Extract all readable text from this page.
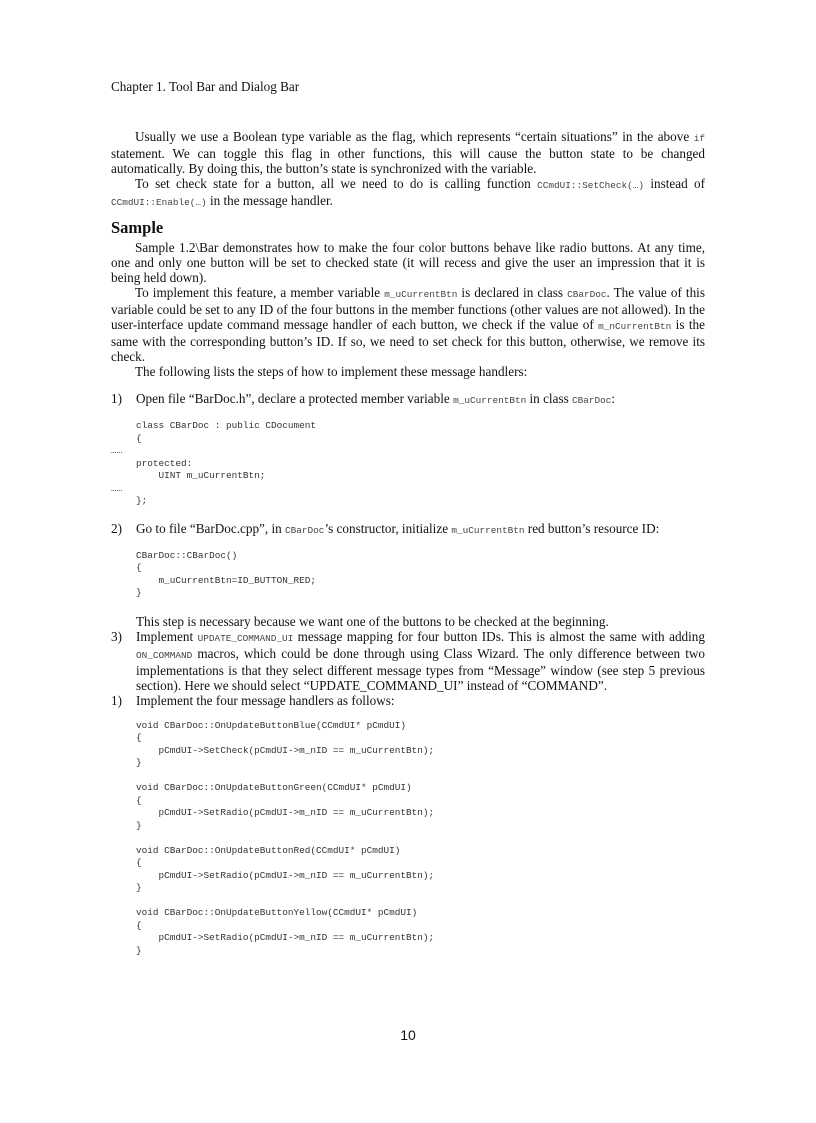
Chapter 1. Tool Bar and Dialog Bar

Usually we use a Boolean type variable as the flag, which represents “certain situations” in the above if statement. We can toggle this flag in other functions, this will cause the button state to be changed automatically. By doing this, the button’s state is synchronized with the variable.

To set check state for a button, all we need to do is calling function CCmdUI::SetCheck(…) instead of CCmdUI::Enable(…) in the message handler.

Sample

Sample 1.2\Bar demonstrates how to make the four color buttons behave like radio buttons. At any time, one and only one button will be set to checked state (it will recess and give the user an impression that it is being held down).

To implement this feature, a member variable m_uCurrentBtn is declared in class CBarDoc. The value of this variable could be set to any ID of the four buttons in the member functions (other values are not allowed). In the user-interface update command message handler of each button, we check if the value of m_nCurrentBtn is the same with the corresponding button’s ID. If so, we need to set check for this button, otherwise, we remove its check.

The following lists the steps of how to implement these message handlers:

1) Open file “BarDoc.h”, declare a protected member variable m_uCurrentBtn in class CBarDoc:

class CBarDoc : public CDocument
{

……

protected:
UINT m_uCurrentBtn;

……

};
2) Go to file “BarDoc.cpp”, in CBarDoc’s constructor, initialize m_uCurrentBtn red button’s resource ID:

CBarDoc::CBarDoc()
{
m_uCurrentBtn=ID_BUTTON_RED;
}

This step is necessary because we want one of the buttons to be checked at the beginning.

3) Implement UPDATE_COMMAND_UI message mapping for four button IDs. This is almost the same with adding ON_COMMAND macros, which could be done through using Class Wizard. The only difference between two implementations is that they select different message types from “Message” window (see step 5 previous section). Here we should select “UPDATE_COMMAND_UI” instead of “COMMAND”.

1) Implement the four message handlers as follows:

void CBarDoc::OnUpdateButtonBlue(CCmdUI* pCmdUI)
{
pCmdUI->SetCheck(pCmdUI->m_nID == m_uCurrentBtn);
}

void CBarDoc::OnUpdateButtonGreen(CCmdUI* pCmdUI)
{
pCmdUI->SetRadio(pCmdUI->m_nID == m_uCurrentBtn);
}

void CBarDoc::OnUpdateButtonRed(CCmdUI* pCmdUI)
{
pCmdUI->SetRadio(pCmdUI->m_nID == m_uCurrentBtn);
}

void CBarDoc::OnUpdateButtonYellow(CCmdUI* pCmdUI)
{
pCmdUI->SetRadio(pCmdUI->m_nID == m_uCurrentBtn);
}
10
